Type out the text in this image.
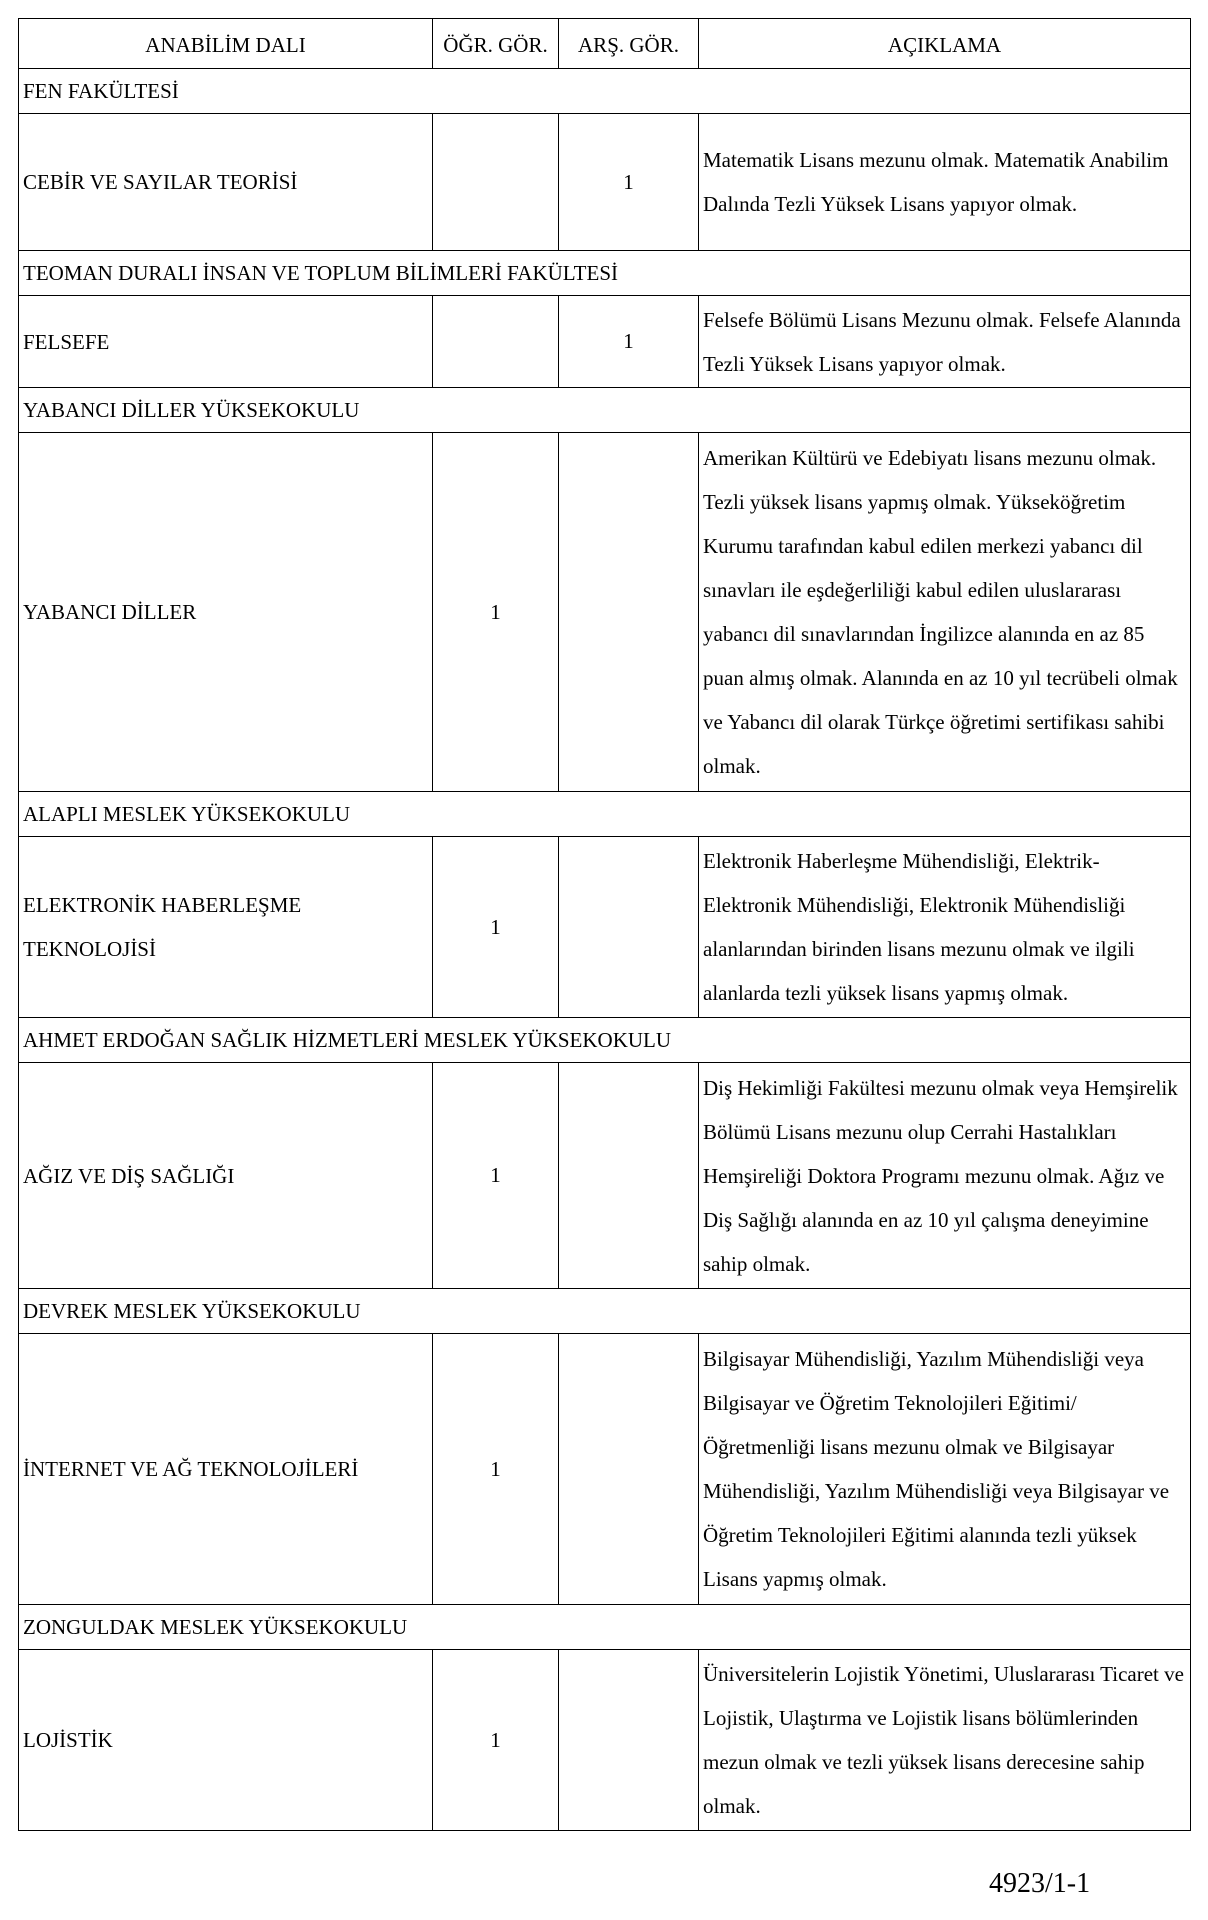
ANABİLİM DALI	ÖĞR. GÖR.	ARŞ. GÖR.	AÇIKLAMA
FEN FAKÜLTESİ			
CEBİR VE SAYILAR TEORİSİ		1	Matematik Lisans mezunu olmak. Matematik Anabilim Dalında Tezli Yüksek Lisans yapıyor olmak.
TEOMAN DURALI İNSAN VE TOPLUM BİLİMLERİ FAKÜLTESİ			
FELSEFE		1	Felsefe Bölümü Lisans Mezunu olmak. Felsefe Alanında Tezli Yüksek Lisans yapıyor olmak.
YABANCI DİLLER YÜKSEKOKULU			
YABANCI DİLLER	1		Amerikan Kültürü ve Edebiyatı lisans mezunu olmak. Tezli yüksek lisans yapmış olmak. Yükseköğretim Kurumu tarafından kabul edilen merkezi yabancı dil sınavları ile eşdeğerliliği kabul edilen uluslararası yabancı dil sınavlarından İngilizce alanında en az 85 puan almış olmak. Alanında en az 10 yıl tecrübeli olmak ve Yabancı dil olarak Türkçe öğretimi sertifikası sahibi olmak.
ALAPLI MESLEK YÜKSEKOKULU			
ELEKTRONİK HABERLEŞME TEKNOLOJİSİ	1		Elektronik Haberleşme Mühendisliği, Elektrik-Elektronik Mühendisliği, Elektronik Mühendisliği alanlarından birinden lisans mezunu olmak ve ilgili alanlarda tezli yüksek lisans yapmış olmak.
AHMET ERDOĞAN SAĞLIK HİZMETLERİ MESLEK YÜKSEKOKULU			
AĞIZ VE DİŞ SAĞLIĞI	1		Diş Hekimliği Fakültesi mezunu olmak veya Hemşirelik Bölümü Lisans mezunu olup Cerrahi Hastalıkları Hemşireliği Doktora Programı mezunu olmak. Ağız ve Diş Sağlığı alanında en az 10 yıl çalışma deneyimine sahip olmak.
DEVREK MESLEK YÜKSEKOKULU			
İNTERNET VE AĞ TEKNOLOJİLERİ	1		Bilgisayar Mühendisliği, Yazılım Mühendisliği veya Bilgisayar ve Öğretim Teknolojileri Eğitimi/Öğretmenliği lisans mezunu olmak ve Bilgisayar Mühendisliği, Yazılım Mühendisliği veya Bilgisayar ve Öğretim Teknolojileri Eğitimi alanında tezli yüksek Lisans yapmış olmak.
ZONGULDAK MESLEK YÜKSEKOKULU			
LOJİSTİK	1		Üniversitelerin Lojistik Yönetimi, Uluslararası Ticaret ve Lojistik, Ulaştırma ve Lojistik lisans bölümlerinden mezun olmak ve tezli yüksek lisans derecesine sahip olmak.
4923/1-1
